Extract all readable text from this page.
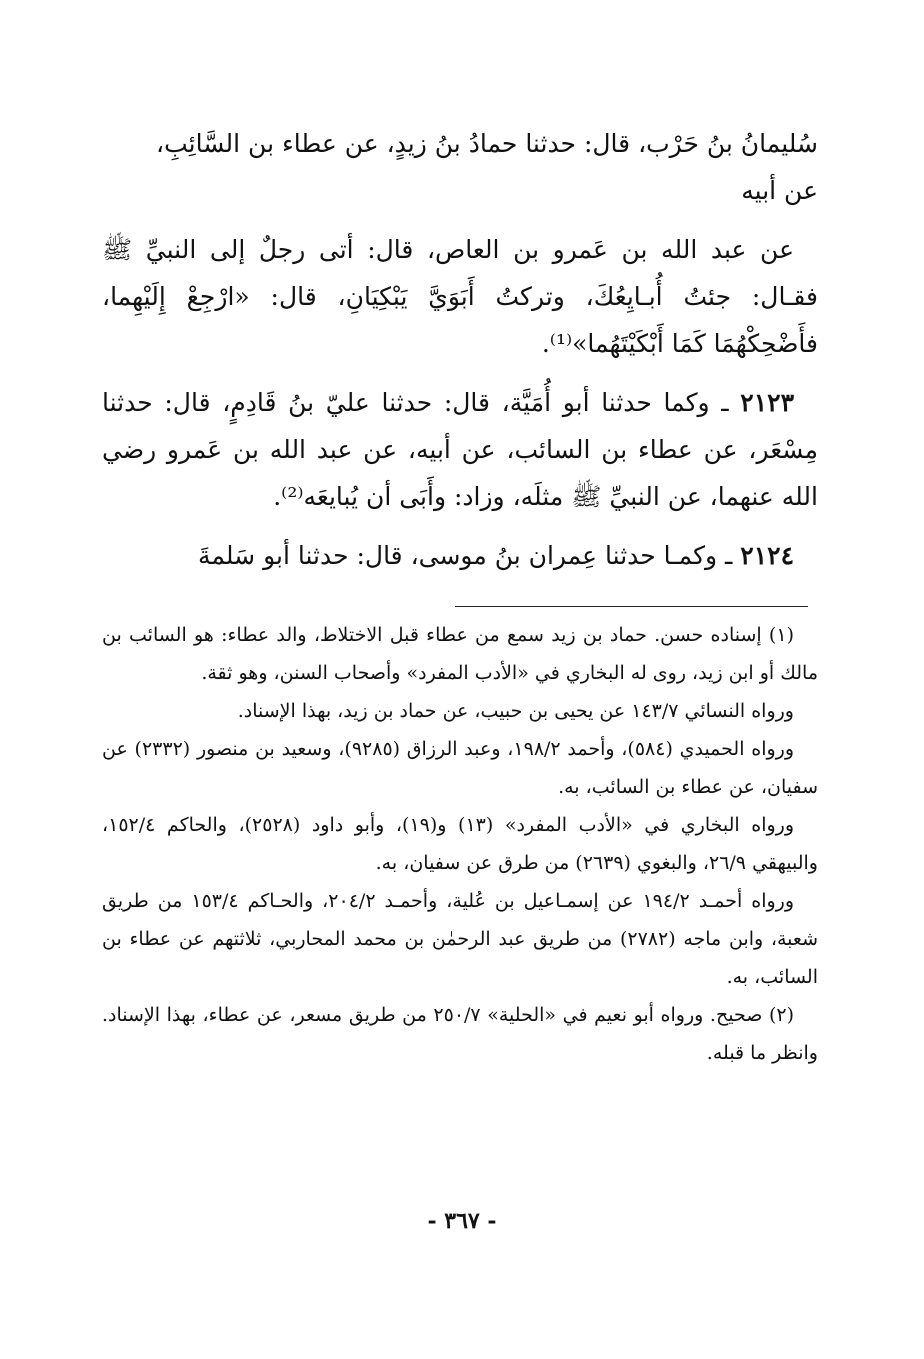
سُليمانُ بنُ حَرْب، قال: حدثنا حمادُ بنُ زيدٍ، عن عطاء بن السَّائِبِ،
عن أبيه

عن عبد الله بن عَمرو بن العاص، قال: أتى رجلٌ إلى النبيِّ ﷺ فقـال: جئتُ أُبـايِعُكَ، وتركتُ أَبَوَيَّ يَبْكِيَانِ، قال: «ارْجِعْ إِلَيْهِما، فأَضْحِكْهُمَا كَمَا أَبْكَيْتَهُما»⁽¹⁾.

٢١٢٣ ـ وكما حدثنا أبو أُمَيَّة، قال: حدثنا عليّ بنُ قَادِمٍ، قال: حدثنا مِسْعَر، عن عطاء بن السائب، عن أبيه، عن عبد الله بن عَمرو رضي الله عنهما، عن النبيِّ ﷺ مثلَه، وزاد: وأَبَى أن يُبايعَه⁽²⁾.

٢١٢٤ ـ وكمـا حدثنا عِمران بنُ موسى، قال: حدثنا أبو سَلمةَ

(١) إسناده حسن. حماد بن زيد سمع من عطاء قبل الاختلاط، والد عطاء: هو السائب بن مالك أو ابن زيد، روى له البخاري في «الأدب المفرد» وأصحاب السنن، وهو ثقة.

ورواه النسائي ١٤٣/٧ عن يحيى بن حبيب، عن حماد بن زيد، بهذا الإسناد.

ورواه الحميدي (٥٨٤)، وأحمد ١٩٨/٢، وعبد الرزاق (٩٢٨٥)، وسعيد بن منصور (٢٣٣٢) عن سفيان، عن عطاء بن السائب، به.

ورواه البخاري في «الأدب المفرد» (١٣) و(١٩)، وأبو داود (٢٥٢٨)، والحاكم ١٥٢/٤، والبيهقي ٢٦/٩، والبغوي (٢٦٣٩) من طرق عن سفيان، به.

ورواه أحمـد ١٩٤/٢ عن إسمـاعيل بن عُلية، وأحمـد ٢٠٤/٢، والحـاكم ١٥٣/٤ من طريق شعبة، وابن ماجه (٢٧٨٢) من طريق عبد الرحمٰن بن محمد المحاربي، ثلاثتهم عن عطاء بن السائب، به.

(٢) صحيح. ورواه أبو نعيم في «الحلية» ٢٥٠/٧ من طريق مسعر، عن عطاء، بهذا الإسناد. وانظر ما قبله.

- ٣٦٧ -
